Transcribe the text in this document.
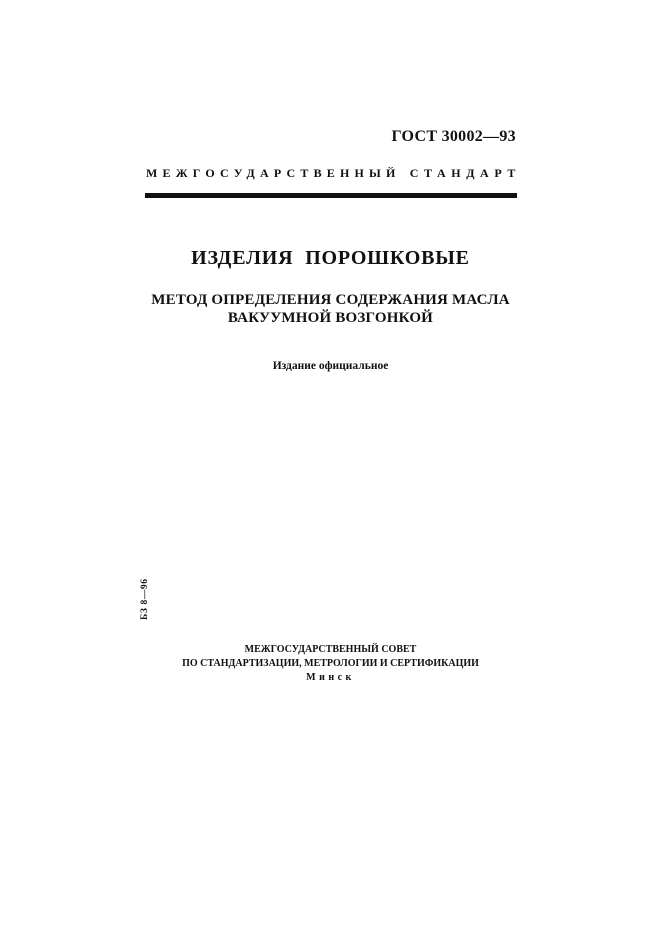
ГОСТ 30002—93
МЕЖГОСУДАРСТВЕННЫЙ СТАНДАРТ
ИЗДЕЛИЯ ПОРОШКОВЫЕ
МЕТОД ОПРЕДЕЛЕНИЯ СОДЕРЖАНИЯ МАСЛА
ВАКУУМНОЙ ВОЗГОНКОЙ
Издание официальное
БЗ 8—96
МЕЖГОСУДАРСТВЕННЫЙ СОВЕТ
ПО СТАНДАРТИЗАЦИИ, МЕТРОЛОГИИ И СЕРТИФИКАЦИИ
Минск
